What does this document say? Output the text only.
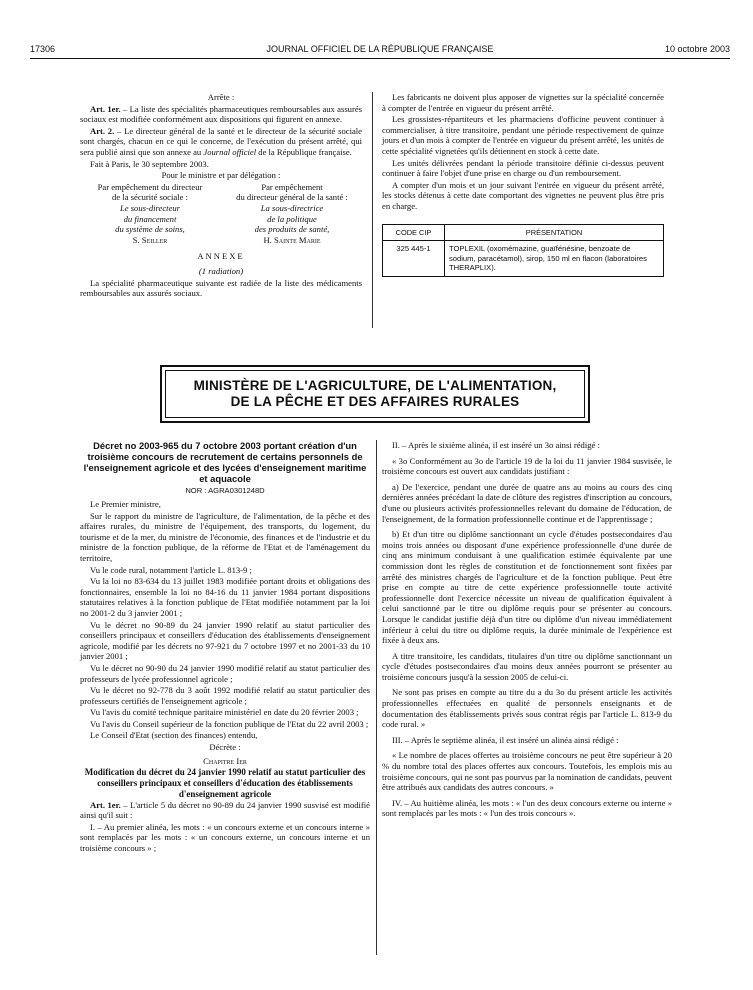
17306	JOURNAL OFFICIEL DE LA RÉPUBLIQUE FRANÇAISE	10 octobre 2003
Arrête :
Art. 1er. – La liste des spécialités pharmaceutiques remboursables aux assurés sociaux est modifiée conformément aux dispositions qui figurent en annexe.
Art. 2. – Le directeur général de la santé et le directeur de la sécurité sociale sont chargés, chacun en ce qui le concerne, de l'exécution du présent arrêté, qui sera publié ainsi que son annexe au Journal officiel de la République française.
Fait à Paris, le 30 septembre 2003.
Pour le ministre et par délégation :
Par empêchement du directeur
de la sécurité sociale :
Le sous-directeur
du financement
du système de soins,
S. Seiller
Par empêchement
du directeur général de la santé :
La sous-directrice
de la politique
des produits de santé,
H. Sainte Marie
ANNEXE
(1 radiation)
La spécialité pharmaceutique suivante est radiée de la liste des médicaments remboursables aux assurés sociaux.
Les fabricants ne doivent plus apposer de vignettes sur la spécialité concernée à compter de l'entrée en vigueur du présent arrêté.
Les grossistes-répartiteurs et les pharmaciens d'officine peuvent continuer à commercialiser, à titre transitoire, pendant une période respectivement de quinze jours et d'un mois à compter de l'entrée en vigueur du présent arrêté, les unités de cette spécialité vignetées qu'ils détiennent en stock à cette date.
Les unités délivrées pendant la période transitoire définie ci-dessus peuvent continuer à faire l'objet d'une prise en charge ou d'un remboursement.
A compter d'un mois et un jour suivant l'entrée en vigueur du présent arrêté, les stocks détenus à cette date comportant des vignettes ne peuvent plus être pris en charge.
CODE CIP	PRÉSENTATION
325 445-1	TOPLEXIL (oxomémazine, guaïfénésine, benzoate de sodium, paracétamol), sirop, 150 ml en flacon (laboratoires THERAPLIX).
MINISTÈRE DE L'AGRICULTURE, DE L'ALIMENTATION,
DE LA PÊCHE ET DES AFFAIRES RURALES
Décret no 2003-965 du 7 octobre 2003 portant création d'un troisième concours de recrutement de certains personnels de l'enseignement agricole et des lycées d'enseignement maritime et aquacole
NOR : AGRA0301248D
Le Premier ministre,
Sur le rapport du ministre de l'agriculture, de l'alimentation, de la pêche et des affaires rurales, du ministre de l'équipement, des transports, du logement, du tourisme et de la mer, du ministre de l'économie, des finances et de l'industrie et du ministre de la fonction publique, de la réforme de l'Etat et de l'aménagement du territoire,
Vu le code rural, notamment l'article L. 813-9 ;
Vu la loi no 83-634 du 13 juillet 1983 modifiée portant droits et obligations des fonctionnaires, ensemble la loi no 84-16 du 11 janvier 1984 portant dispositions statutaires relatives à la fonction publique de l'Etat modifiée notamment par la loi no 2001-2 du 3 janvier 2001 ;
Vu le décret no 90-89 du 24 janvier 1990 relatif au statut particulier des conseillers principaux et conseillers d'éducation des établissements d'enseignement agricole, modifié par les décrets no 97-921 du 7 octobre 1997 et no 2001-33 du 10 janvier 2001 ;
Vu le décret no 90-90 du 24 janvier 1990 modifié relatif au statut particulier des professeurs de lycée professionnel agricole ;
Vu le décret no 92-778 du 3 août 1992 modifié relatif au statut particulier des professeurs certifiés de l'enseignement agricole ;
Vu l'avis du comité technique paritaire ministériel en date du 20 février 2003 ;
Vu l'avis du Conseil supérieur de la fonction publique de l'Etat du 22 avril 2003 ;
Le Conseil d'Etat (section des finances) entendu,
Décrète :
Chapitre Ier
Modification du décret du 24 janvier 1990 relatif au statut particulier des conseillers principaux et conseillers d'éducation des établissements d'enseignement agricole
Art. 1er. – L'article 5 du décret no 90-89 du 24 janvier 1990 susvisé est modifié ainsi qu'il suit :
I. – Au premier alinéa, les mots : « un concours externe et un concours interne » sont remplacés par les mots : « un concours externe, un concours interne et un troisième concours » ;
II. – Après le sixième alinéa, il est inséré un 3o ainsi rédigé :
« 3o Conformément au 3o de l'article 19 de la loi du 11 janvier 1984 susvisée, le troisième concours est ouvert aux candidats justifiant :
a) De l'exercice, pendant une durée de quatre ans au moins au cours des cinq dernières années précédant la date de clôture des registres d'inscription au concours, d'une ou plusieurs activités professionnelles relevant du domaine de l'éducation, de l'enseignement, de la formation professionnelle continue et de l'apprentissage ;
b) Et d'un titre ou diplôme sanctionnant un cycle d'études postsecondaires d'au moins trois années ou disposant d'une expérience professionnelle d'une durée de cinq ans minimum conduisant à une qualification estimée équivalente par une commission dont les règles de constitution et de fonctionnement sont fixées par arrêté des ministres chargés de l'agriculture et de la fonction publique. Peut être prise en compte au titre de cette expérience professionnelle toute activité professionnelle dont l'exercice nécessite un niveau de qualification équivalent à celui sanctionné par le titre ou diplôme requis pour se présenter au concours. Lorsque le candidat justifie déjà d'un titre ou diplôme d'un niveau immédiatement inférieur à celui du titre ou diplôme requis, la durée minimale de l'expérience est fixée à deux ans.
A titre transitoire, les candidats, titulaires d'un titre ou diplôme sanctionnant un cycle d'études postsecondaires d'au moins deux années pourront se présenter au troisième concours jusqu'à la session 2005 de celui-ci.
Ne sont pas prises en compte au titre du a du 3o du présent article les activités professionnelles effectuées en qualité de personnels enseignants et de documentation des établissements privés sous contrat régis par l'article L. 813-9 du code rural. »
III. – Après le septième alinéa, il est inséré un alinéa ainsi rédigé :
« Le nombre de places offertes au troisième concours ne peut être supérieur à 20 % du nombre total des places offertes aux concours. Toutefois, les emplois mis au troisième concours, qui ne sont pas pourvus par la nomination de candidats, peuvent être attribués aux candidats des autres concours. »
IV. – Au huitième alinéa, les mots : « l'un des deux concours externe ou interne » sont remplacés par les mots : « l'un des trois concours ».
